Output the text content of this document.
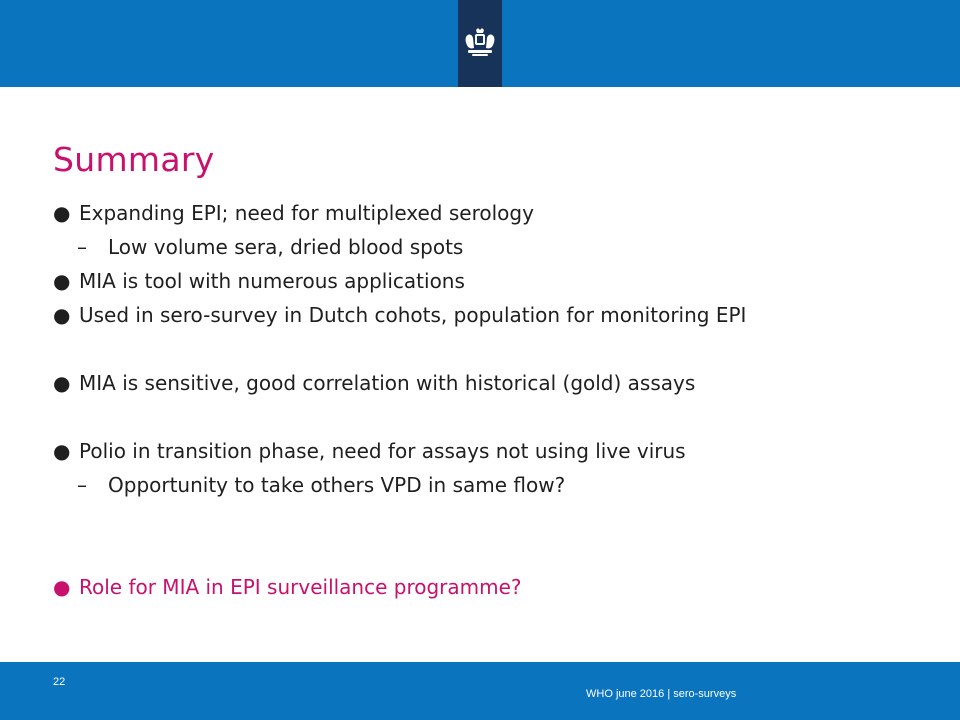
Summary
● Expanding EPI; need for multiplexed serology
– Low volume sera, dried blood spots
● MIA is tool with numerous applications
● Used in sero-survey in Dutch cohots, population for monitoring EPI
● MIA is sensitive, good correlation with historical (gold) assays
● Polio in transition phase, need for assays not using live virus
– Opportunity to take others VPD in same flow?
● Role for MIA in EPI surveillance programme?
22
WHO june 2016 | sero-surveys
